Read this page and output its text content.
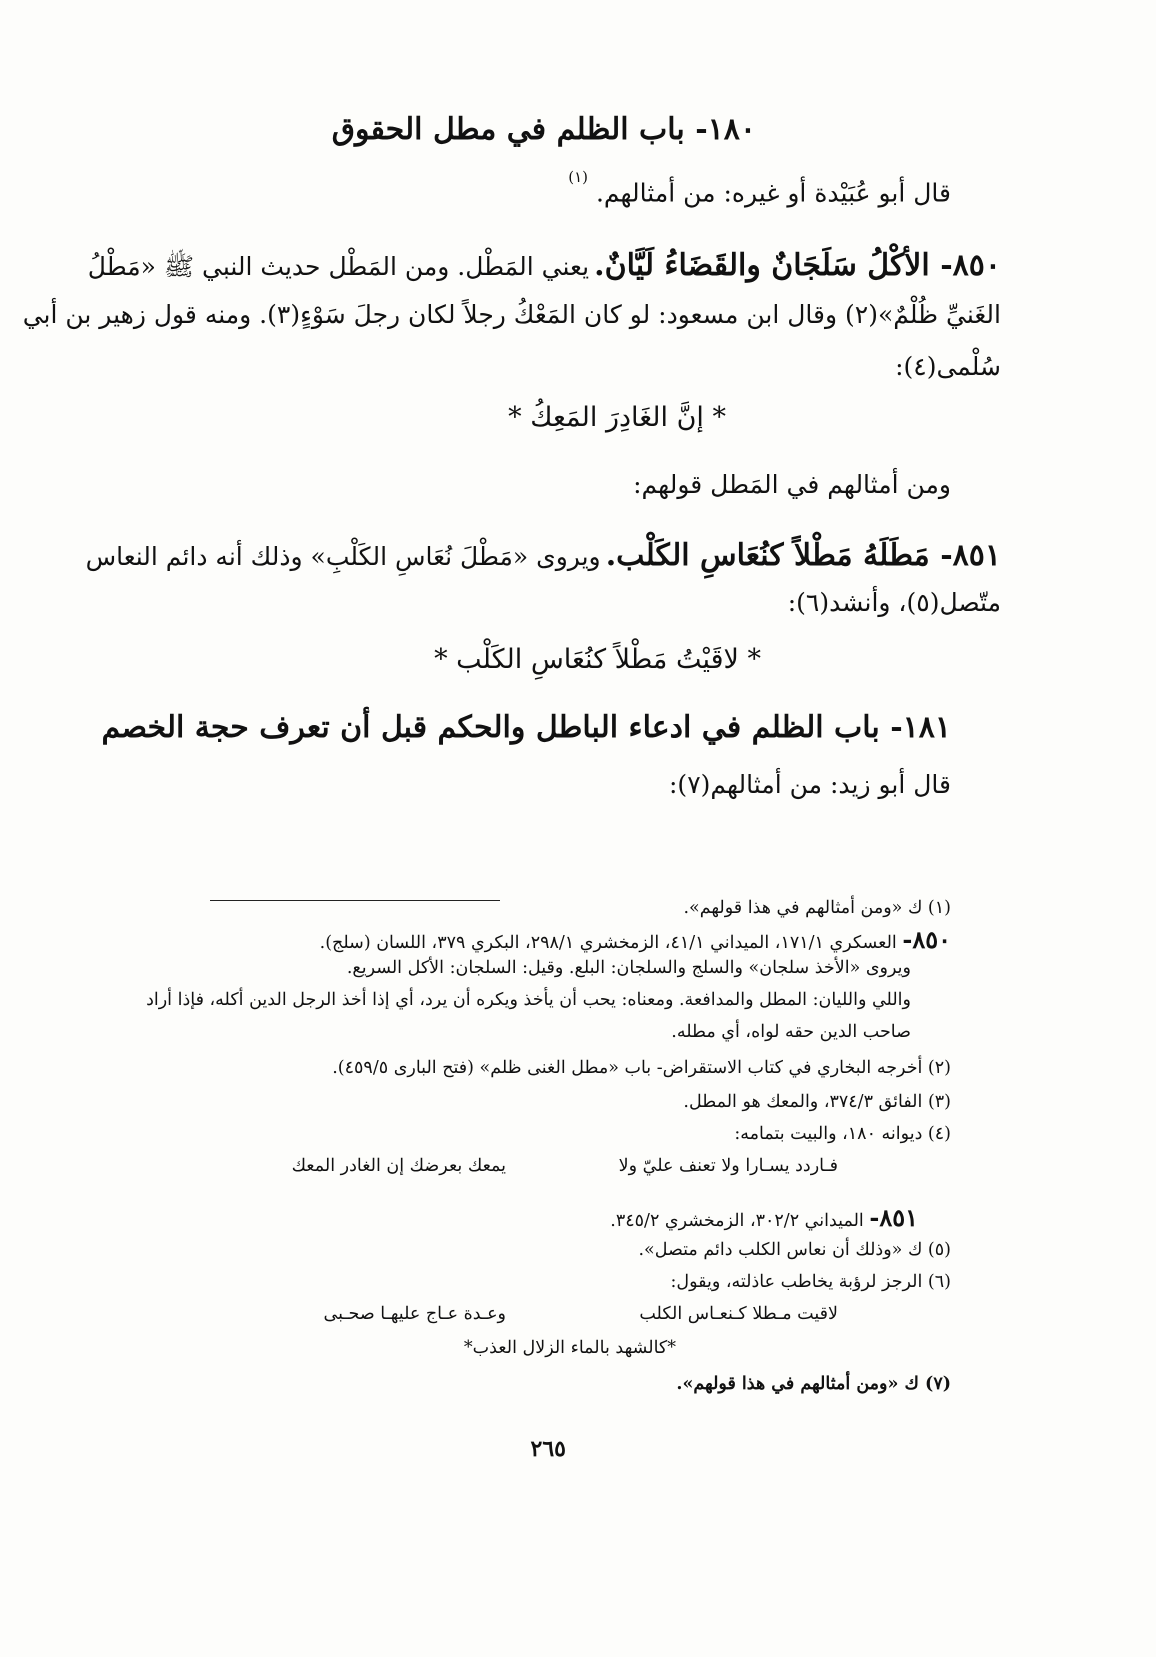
١٨٠- باب الظلم في مطل الحقوق
قال أبو عُبَيْدة أو غيره: من أمثالهم. $^{(١)}$
٨٥٠- الأكْلُ سَلَجَانٌ والقَضَاءُ لَيَّانٌ. يعني المَطْل. ومن المَطْل حديث النبي ﷺ «مَطْلُ
الغَنيِّ ظُلْمٌ»(٢) وقال ابن مسعود: لو كان المَعْكُ رجلاً لكان رجلَ سَوْءٍ(٣). ومنه قول زهير بن أبي
سُلْمى(٤):
* إنَّ الغَادِرَ المَعِكُ *
ومن أمثالهم في المَطل قولهم:
٨٥١- مَطَلَهُ مَطْلاً كنُعَاسِ الكَلْب. ويروى «مَطْلَ نُعَاسِ الكَلْبِ» وذلك أنه دائم النعاس
متّصل(٥)، وأنشد(٦):
* لاقَيْتُ مَطْلاً كنُعَاسِ الكَلْب *
١٨١- باب الظلم في ادعاء الباطل والحكم قبل أن تعرف حجة الخصم
قال أبو زيد: من أمثالهم(٧):
(١) ك «ومن أمثالهم في هذا قولهم».
٨٥٠- العسكري ١٧١/١، الميداني ٤١/١، الزمخشري ٢٩٨/١، البكري ٣٧٩، اللسان (سلج).
ويروى «الأخذ سلجان» والسلج والسلجان: البلع. وقيل: السلجان: الأكل السريع.
واللي والليان: المطل والمدافعة. ومعناه: يحب أن يأخذ ويكره أن يرد، أي إذا أخذ الرجل الدين أكله، فإذا أراد
صاحب الدين حقه لواه، أي مطله.
(٢) أخرجه البخاري في كتاب الاستقراض- باب «مطل الغنى ظلم» (فتح البارى ٤٥٩/٥).
(٣) الفائق ٣٧٤/٣، والمعك هو المطل.
(٤) ديوانه ١٨٠، والبيت بتمامه:
فـاردد يسـارا ولا تعنف عليّ ولا
يمعك بعرضك إن الغادر المعك
٨٥١- الميداني ٣٠٢/٢، الزمخشري ٣٤٥/٢.
(٥) ك «وذلك أن نعاس الكلب دائم متصل».
(٦) الرجز لرؤبة يخاطب عاذلته، ويقول:
لاقيت مـطلا كـنعـاس الكلب
وعـدة عـاج عليهـا صحـبى
*كالشهد بالماء الزلال العذب*
(٧) ك «ومن أمثالهم في هذا قولهم».
٢٦٥
